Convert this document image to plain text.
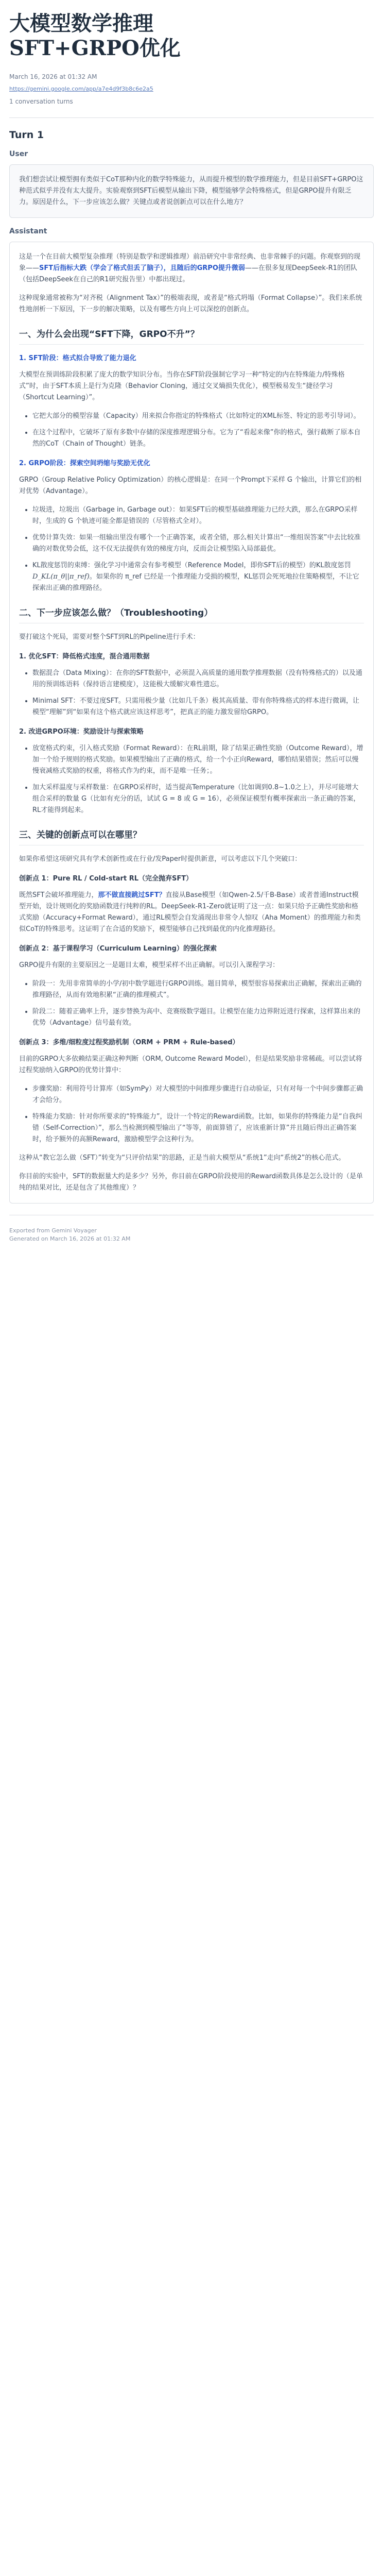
大模型数学推理
SFT+GRPO优化
March 16, 2026 at 01:32 AM
https://gemini.google.com/app/a7e4d9f3b8c6e2a5
1 conversation turns
Turn 1
User
我们想尝试让模型拥有类似于CoT那种内化的数学特殊能力，从而提升模型的数学推理能力，但是目前SFT+GRPO这种范式似乎并没有太大提升。实验观察到SFT后模型从输出下降，模型能够学会特殊格式，但是GRPO提升有限乏力。原因是什么，下一步应该怎么做？关键点或者说创新点可以在什么地方？
Assistant
这是一个在目前大模型复杂推理（特别是数学和逻辑推理）前沿研究中非常经典、也非常棘手的问题。你观察到的现象——SFT后指标大跌（学会了格式但丢了脑子），且随后的GRPO提升微弱——在很多复现DeepSeek-R1的团队（包括DeepSeek在自己的R1研究报告里）中都出现过。
这种现象通常被称为“对齐税（Alignment Tax）”的极端表现，或者是“格式坍塌（Format Collapse）”。我们来系统性地剖析一下原因，下一步的解决策略，以及有哪些方向上可以深挖的创新点。
一、为什么会出现“SFT下降，GRPO不升”？
1. SFT阶段：格式拟合导致了能力退化
大模型在预训练阶段积累了庞大的数学知识分布。当你在SFT阶段强制它学习一种“特定的内在特殊能力/特殊格式”时，由于SFT本质上是行为克隆（Behavior Cloning，通过交叉熵损失优化），模型极易发生“捷径学习（Shortcut Learning）”。
• 它把大部分的模型容量（Capacity）用来拟合你指定的特殊格式（比如特定的XML标签、特定的思考引导词）。
• 在这个过程中，它破坏了原有多数中存储的深度推理逻辑分布。它为了“看起来像”你的格式，强行截断了原本自然的CoT（Chain of Thought）链条。
2. GRPO阶段：探索空间坍缩与奖励无优化
GRPO（Group Relative Policy Optimization）的核心逻辑是：在同一个Prompt下采样 G 个输出，计算它们的相对优势（Advantage）。
• 垃圾进，垃圾出（Garbage in, Garbage out）：如果SFT后的模型基础推理能力已经大跌，那么在GRPO采样时，生成的 G 个轨迹可能全都是错误的（尽管格式全对）。
• 优势计算失效：如果一组输出里没有哪个一个正确答案，或者全错，那么相关计算出“一维组误答案”中去比较准确的对数优势会低，这不仅无法提供有效的梯度方向，反而会让模型陷入局部最优。
• KL散度惩罚的束缚：强化学习中通常会有参考模型（Reference Model，即你SFT后的模型）的KL散度惩罚 D_KL(π_θ||π_ref)。如果你的 π_ref 已经是一个推理能力受损的模型，KL惩罚会死死地拉住策略模型，不让它探索出正确的推理路径。
二、下一步应该怎么做？（Troubleshooting）
要打破这个死局，需要对整个SFT到RL的Pipeline进行手术：
1. 优化SFT：降低格式违度，混合通用数据
• 数据混合（Data Mixing）：在你的SFT数据中，必须混入高质量的通用数学推理数据（没有特殊格式的）以及通用的预训练语料（保持语言建模度），这能极大缓解灾难性遗忘。
• Minimal SFT：不要过度SFT。只需用极少量（比如几千条）极其高质量、带有你特殊格式的样本进行微调，让模型“理解”到“如果有这个格式就应该这样思考”，把真正的能力激发留给GRPO。
2. 改进GRPO环境：奖励设计与探索策略
• 放宽格式约束，引入格式奖励（Format Reward）：在RL前期，除了结果正确性奖励（Outcome Reward），增加一个给予规则的格式奖励。如果模型输出了正确的格式，给一个小正向Reward，哪怕结果错误；然后可以慢慢衰减格式奖励的权重，将格式作为约束，而不是唯一任务；。
• 加大采样温度与采样数量：在GRPO采样时，适当提高Temperature（比如调到0.8~1.0之上），并尽可能增大组合采样的数量 G（比如有充分的话，试试 G = 8 或 G = 16），必须保证模型有概率探索出一条正确的答案，RL才能得到起来。
三、关键的创新点可以在哪里？
如果你希望这项研究具有学术创新性或在行业/发Paper时提供新意，可以考虑以下几个突破口：
创新点 1：Pure RL / Cold-start RL（完全抛弃SFT）
既然SFT会破坏推理能力，那不做直接跳过SFT？直接从Base模型（如Qwen-2.5/千B-Base）或者普通Instruct模型开始，设计规则化的奖励函数进行纯粹的RL。DeepSeek-R1-Zero就证明了这一点：如果只给予正确性奖励和格式奖励（Accuracy+Format Reward），通过RL模型会自发涌现出非常令人惊叹（Aha Moment）的推理能力和类似CoT的特殊思考。这证明了在合适的奖励下，模型能够自己找到最优的内化推理路径。
创新点 2：基于课程学习（Curriculum Learning）的强化探索
GRPO提升有限的主要原因之一是题目太难，模型采样不出正确解。可以引入课程学习：
• 阶段一：先用非常简单的小学/初中数学题进行GRPO训练。题目简单，模型很容易探索出正确解，探索出正确的推理路径，从而有效地积累“正确的推理模式”。
• 阶段二：随着正确率上升，逐步替换为高中、竞赛级数学题目。让模型在能力边界附近进行探索，这样算出来的优势（Advantage）信号最有效。
创新点 3：多维/细粒度过程奖励机制（ORM + PRM + Rule-based）
目前的GRPO大多依赖结果正确这种判断（ORM, Outcome Reward Model），但是结果奖励非常稀疏。可以尝试将过程奖励纳入GRPO的优势计算中：
• 步骤奖励：利用符号计算库（如SymPy）对大模型的中间推理步骤进行自动验证，只有对每一个中间步骤都正确才会给分。
• 特殊能力奖励：针对你所要求的“特殊能力”，设计一个特定的Reward函数。比如，如果你的特殊能力是“自我纠错（Self-Correction）”，那么当检测到模型输出了“等等，前面算错了，应该重新计算”并且随后得出正确答案时，给予额外的高额Reward，激励模型学会这种行为。
这种从“教它怎么做（SFT）”转变为“只评价结果”的思路，正是当前大模型从“系统1”走向“系统2”的核心范式。
你目前的实验中，SFT的数据量大约是多少？另外，你目前在GRPO阶段使用的Reward函数具体是怎么设计的（是单纯的结果对比，还是包含了其他维度）？
Exported from Gemini Voyager
Generated on March 16, 2026 at 01:32 AM
